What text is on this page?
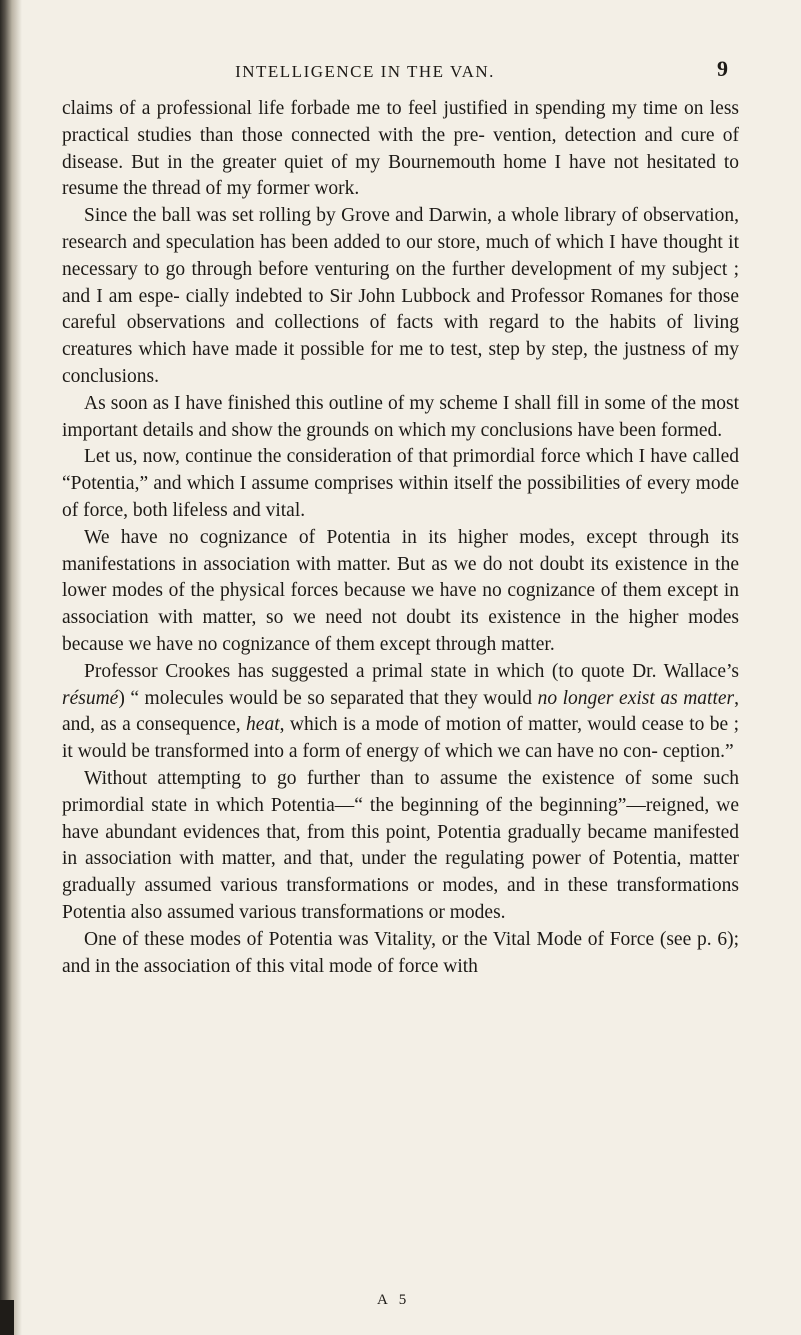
INTELLIGENCE IN THE VAN.	9

claims of a professional life forbade me to feel justified in spending my time on less practical studies than those connected with the pre- vention, detection and cure of disease. But in the greater quiet of my Bournemouth home I have not hesitated to resume the thread of my former work.

Since the ball was set rolling by Grove and Darwin, a whole library of observation, research and speculation has been added to our store, much of which I have thought it necessary to go through before venturing on the further development of my subject ; and I am espe- cially indebted to Sir John Lubbock and Professor Romanes for those careful observations and collections of facts with regard to the habits of living creatures which have made it possible for me to test, step by step, the justness of my conclusions.

As soon as I have finished this outline of my scheme I shall fill in some of the most important details and show the grounds on which my conclusions have been formed.

Let us, now, continue the consideration of that primordial force which I have called “Potentia,” and which I assume comprises within itself the possibilities of every mode of force, both lifeless and vital.

We have no cognizance of Potentia in its higher modes, except through its manifestations in association with matter. But as we do not doubt its existence in the lower modes of the physical forces because we have no cognizance of them except in association with matter, so we need not doubt its existence in the higher modes because we have no cognizance of them except through matter.

Professor Crookes has suggested a primal state in which (to quote Dr. Wallace’s résumé) “ molecules would be so separated that they would no longer exist as matter, and, as a consequence, heat, which is a mode of motion of matter, would cease to be ; it would be transformed into a form of energy of which we can have no con- ception.”

Without attempting to go further than to assume the existence of some such primordial state in which Potentia—“ the beginning of the beginning”—reigned, we have abundant evidences that, from this point, Potentia gradually became manifested in association with matter, and that, under the regulating power of Potentia, matter gradually assumed various transformations or modes, and in these transformations Potentia also assumed various transformations or modes.

One of these modes of Potentia was Vitality, or the Vital Mode of Force (see p. 6); and in the association of this vital mode of force with

A 5
